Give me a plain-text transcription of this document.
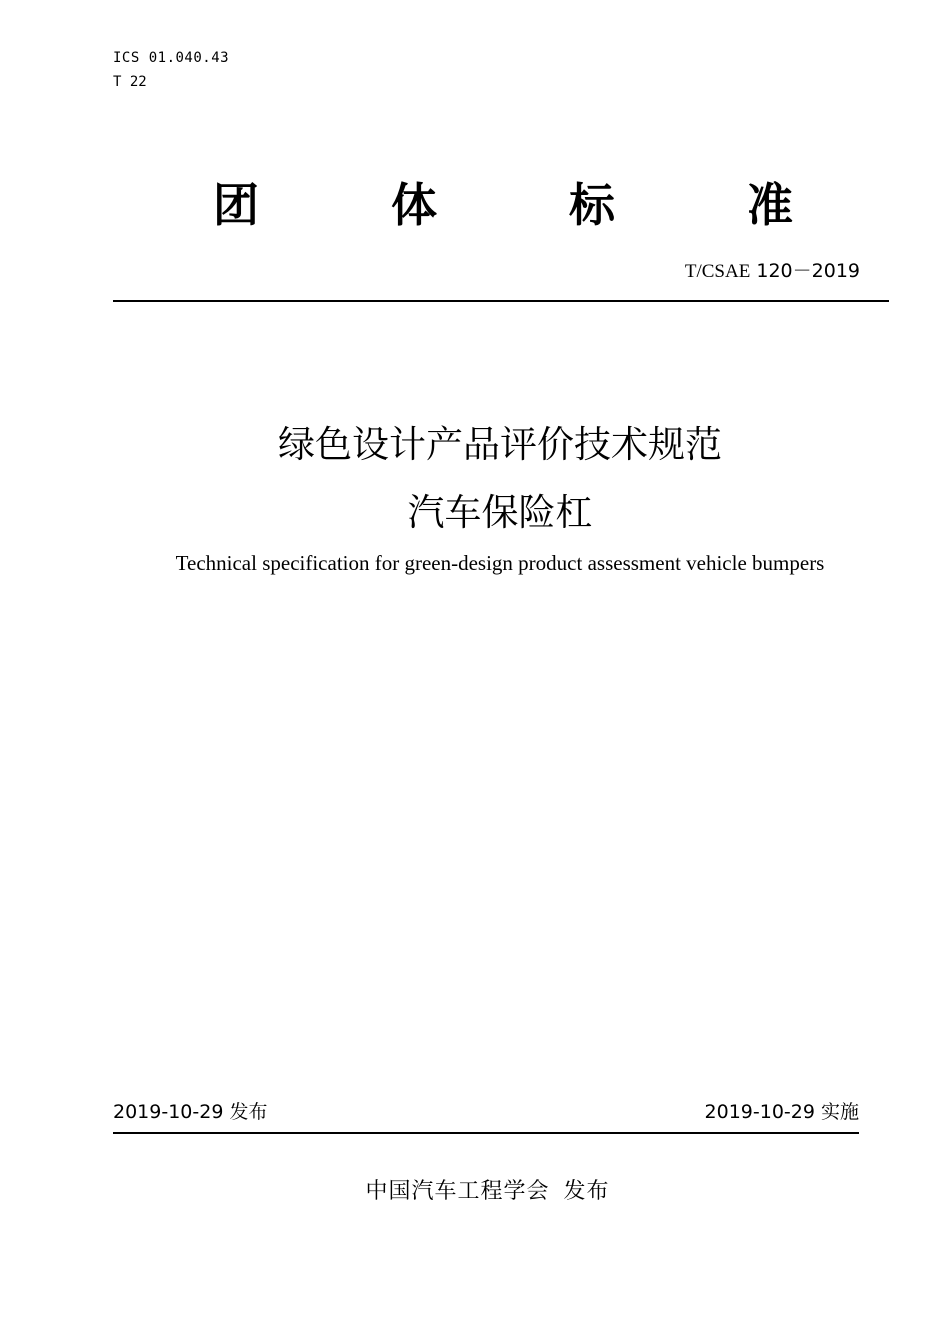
ICS 01.040.43
T 22
团	体	标	准
T/CSAE 120－2019
绿色设计产品评价技术规范
汽车保险杠
Technical specification for green-design product assessment vehicle bumpers
2019-10-29 发布	2019-10-29 实施
中国汽车工程学会 发布
